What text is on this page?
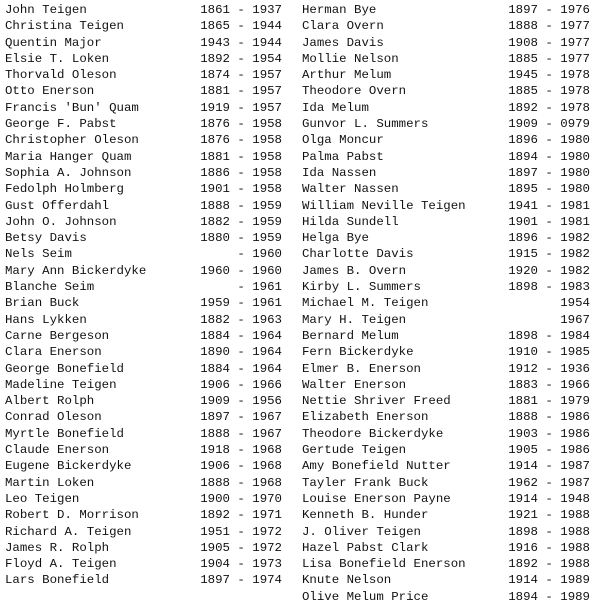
John Teigen	1861 - 1937
Christina Teigen	1865 - 1944
Quentin Major	1943 - 1944
Elsie T. Loken	1892 - 1954
Thorvald Oleson	1874 - 1957
Otto Enerson	1881 - 1957
Francis 'Bun' Quam	1919 - 1957
George F. Pabst	1876 - 1958
Christopher Oleson	1876 - 1958
Maria Hanger Quam	1881 - 1958
Sophia A. Johnson	1886 - 1958
Fedolph Holmberg	1901 - 1958
Gust Offerdahl	1888 - 1959
John O. Johnson	1882 - 1959
Betsy Davis	1880 - 1959
Nels Seim	- 1960
Mary Ann Bickerdyke	1960 - 1960
Blanche Seim	- 1961
Brian Buck	1959 - 1961
Hans Lykken	1882 - 1963
Carne Bergeson	1884 - 1964
Clara Enerson	1890 - 1964
George Bonefield	1884 - 1964
Madeline Teigen	1906 - 1966
Albert Rolph	1909 - 1956
Conrad Oleson	1897 - 1967
Myrtle Bonefield	1888 - 1967
Claude Enerson	1918 - 1968
Eugene Bickerdyke	1906 - 1968
Martin Loken	1888 - 1968
Leo Teigen	1900 - 1970
Robert D. Morrison	1892 - 1971
Richard A. Teigen	1951 - 1972
James R. Rolph	1905 - 1972
Floyd A. Teigen	1904 - 1973
Lars Bonefield	1897 - 1974
Herman Bye	1897 - 1976
Clara Overn	1888 - 1977
James Davis	1908 - 1977
Mollie Nelson	1885 - 1977
Arthur Melum	1945 - 1978
Theodore Overn	1885 - 1978
Ida Melum	1892 - 1978
Gunvor L. Summers	1909 - 0979
Olga Moncur	1896 - 1980
Palma Pabst	1894 - 1980
Ida Nassen	1897 - 1980
Walter Nassen	1895 - 1980
William Neville Teigen	1941 - 1981
Hilda Sundell	1901 - 1981
Helga Bye	1896 - 1982
Charlotte Davis	1915 - 1982
James B. Overn	1920 - 1982
Kirby L. Summers	1898 - 1983
Michael M. Teigen	1954
Mary H. Teigen	1967
Bernard Melum	1898 - 1984
Fern Bickerdyke	1910 - 1985
Elmer B. Enerson	1912 - 1936
Walter Enerson	1883 - 1966
Nettie Shriver Freed	1881 - 1979
Elizabeth Enerson	1888 - 1986
Theodore Bickerdyke	1903 - 1986
Gertude Teigen	1905 - 1986
Amy Bonefield Nutter	1914 - 1987
Tayler Frank Buck	1962 - 1987
Louise Enerson Payne	1914 - 1948
Kenneth B. Hunder	1921 - 1988
J. Oliver Teigen	1898 - 1988
Hazel Pabst Clark	1916 - 1988
Lisa Bonefield Enerson	1892 - 1988
Knute Nelson	1914 - 1989
Olive Melum Price	1894 - 1989
